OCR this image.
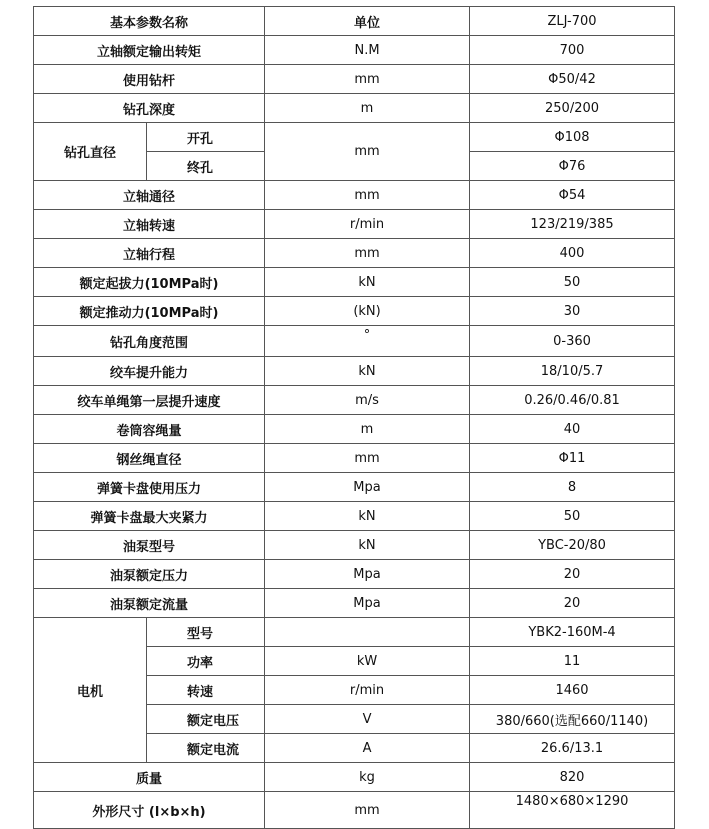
基本参数名称		单位	ZLJ-700
立轴额定输出转矩		N.M	700
使用钻杆		mm	Φ50/42
钻孔深度		m	250/200
钻孔直径	开孔	mm	Φ108
	终孔		Φ76
立轴通径		mm	Φ54
立轴转速		r/min	123/219/385
立轴行程		mm	400
额定起拔力(10MPa时)		kN	50
额定推动力(10MPa时)		(kN)	30
钻孔角度范围		°	0-360
绞车提升能力		kN	18/10/5.7
绞车单绳第一层提升速度		m/s	0.26/0.46/0.81
卷筒容绳量		m	40
钢丝绳直径		mm	Φ11
弹簧卡盘使用压力		Mpa	8
弹簧卡盘最大夹紧力		kN	50
油泵型号		kN	YBC-20/80
油泵额定压力		Mpa	20
油泵额定流量		Mpa	20
电机	型号		YBK2-160M-4
	功率	kW	11
	转速	r/min	1460
	额定电压	V	380/660(选配660/1140)
	额定电流	A	26.6/13.1
质量		kg	820
外形尺寸 (l×b×h)		mm	1480×680×1290
